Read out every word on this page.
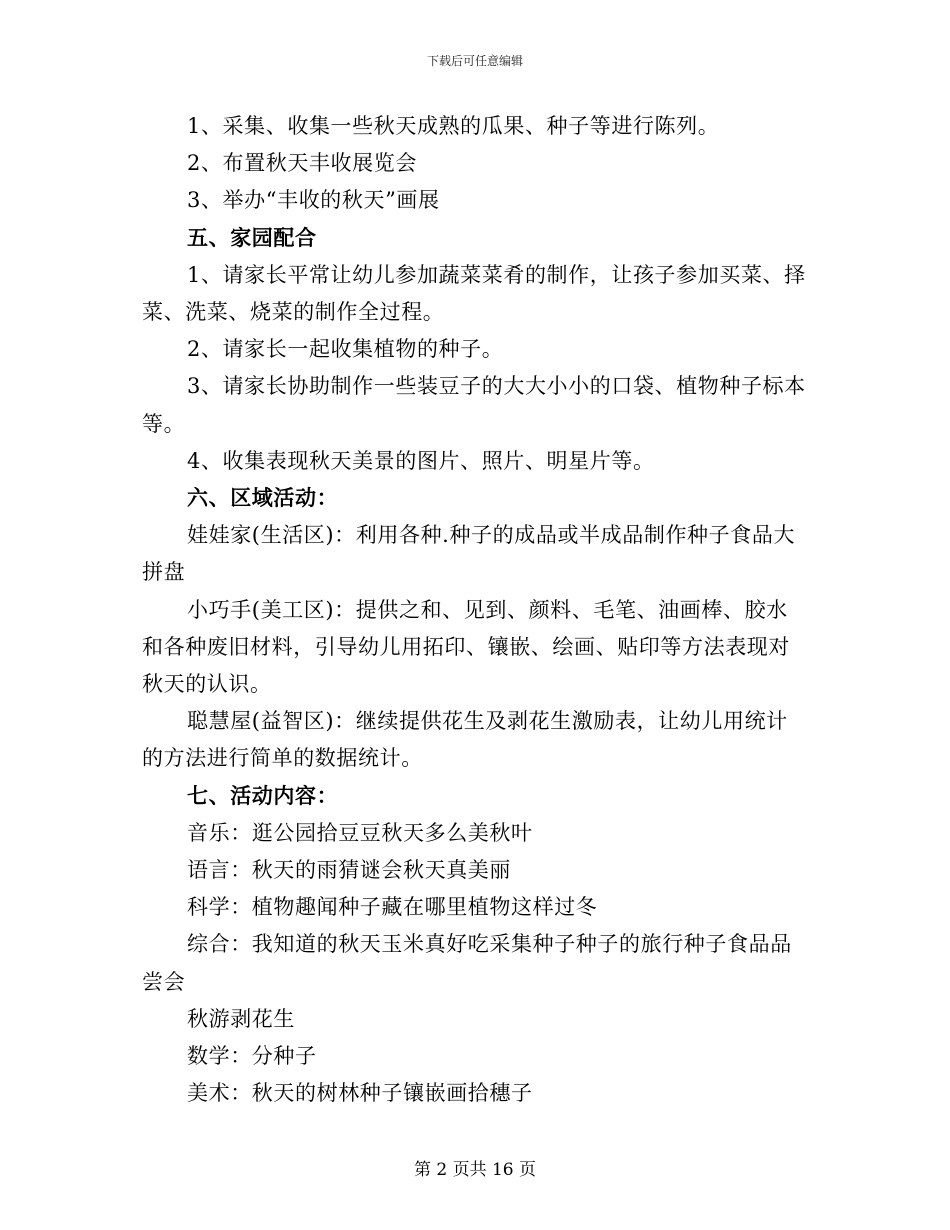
下载后可任意编辑
1、采集、收集一些秋天成熟的瓜果、种子等进行陈列。
2、布置秋天丰收展览会
3、举办“丰收的秋天”画展
五、家园配合
1、请家长平常让幼儿参加蔬菜菜肴的制作，让孩子参加买菜、择
菜、洗菜、烧菜的制作全过程。
2、请家长一起收集植物的种子。
3、请家长协助制作一些装豆子的大大小小的口袋、植物种子标本
等。
4、收集表现秋天美景的图片、照片、明星片等。
六、区域活动：
娃娃家(生活区)：利用各种.种子的成品或半成品制作种子食品大
拼盘
小巧手(美工区)：提供之和、见到、颜料、毛笔、油画棒、胶水
和各种废旧材料，引导幼儿用拓印、镶嵌、绘画、贴印等方法表现对
秋天的认识。
聪慧屋(益智区)：继续提供花生及剥花生激励表，让幼儿用统计
的方法进行简单的数据统计。
七、活动内容：
音乐：逛公园拾豆豆秋天多么美秋叶
语言：秋天的雨猜谜会秋天真美丽
科学：植物趣闻种子藏在哪里植物这样过冬
综合：我知道的秋天玉米真好吃采集种子种子的旅行种子食品品
尝会
秋游剥花生
数学：分种子
美术：秋天的树林种子镶嵌画拾穗子
第 2 页共 16 页
